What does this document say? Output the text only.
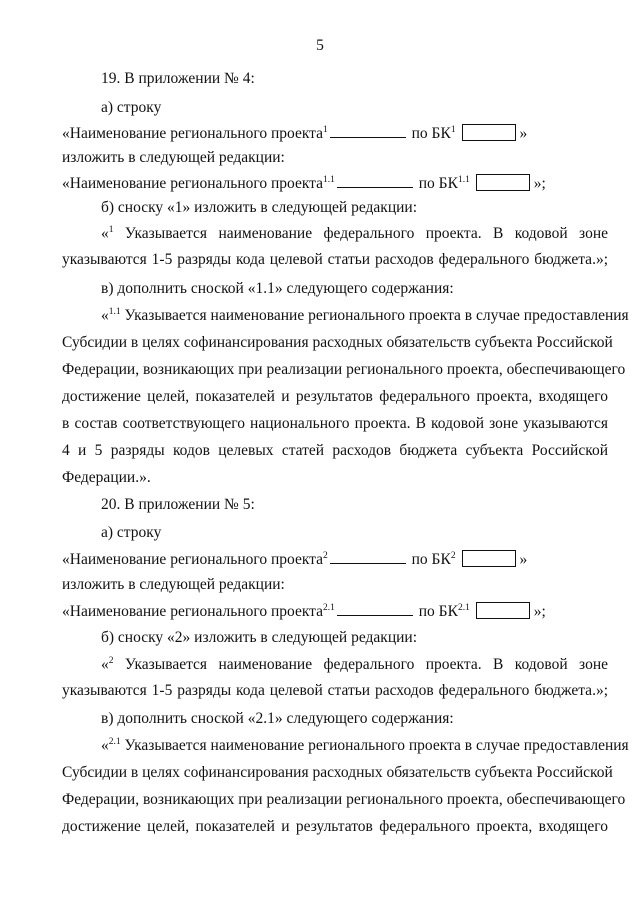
5
19. В приложении № 4:
а) строку
«Наименование регионального проекта$^1$	по $БК^1$	»
изложить в следующей редакции:
«Наименование регионального проекта$^{1.1}$	по $БК^{1.1}$	»;
б) сноску «1» изложить в следующей редакции:
«$^1$ Указывается наименование федерального проекта. В кодовой зоне
указываются 1-5 разряды кода целевой статьи расходов федерального бюджета.»;
в) дополнить сноской «1.1» следующего содержания:
«$^{1.1}$ Указывается наименование регионального проекта в случае предоставления
Субсидии в целях софинансирования расходных обязательств субъекта Российской
Федерации, возникающих при реализации регионального проекта, обеспечивающего
достижение целей, показателей и результатов федерального проекта, входящего
в состав соответствующего национального проекта. В кодовой зоне указываются
4 и 5 разряды кодов целевых статей расходов бюджета субъекта Российской
Федерации.».
20. В приложении № 5:
а) строку
«Наименование регионального проекта$^2$	по $БК^2$	»
изложить в следующей редакции:
«Наименование регионального проекта$^{2.1}$	по $БК^{2.1}$	»;
б) сноску «2» изложить в следующей редакции:
«$^2$ Указывается наименование федерального проекта. В кодовой зоне
указываются 1-5 разряды кода целевой статьи расходов федерального бюджета.»;
в) дополнить сноской «2.1» следующего содержания:
«$^{2.1}$ Указывается наименование регионального проекта в случае предоставления
Субсидии в целях софинансирования расходных обязательств субъекта Российской
Федерации, возникающих при реализации регионального проекта, обеспечивающего
достижение целей, показателей и результатов федерального проекта, входящего
